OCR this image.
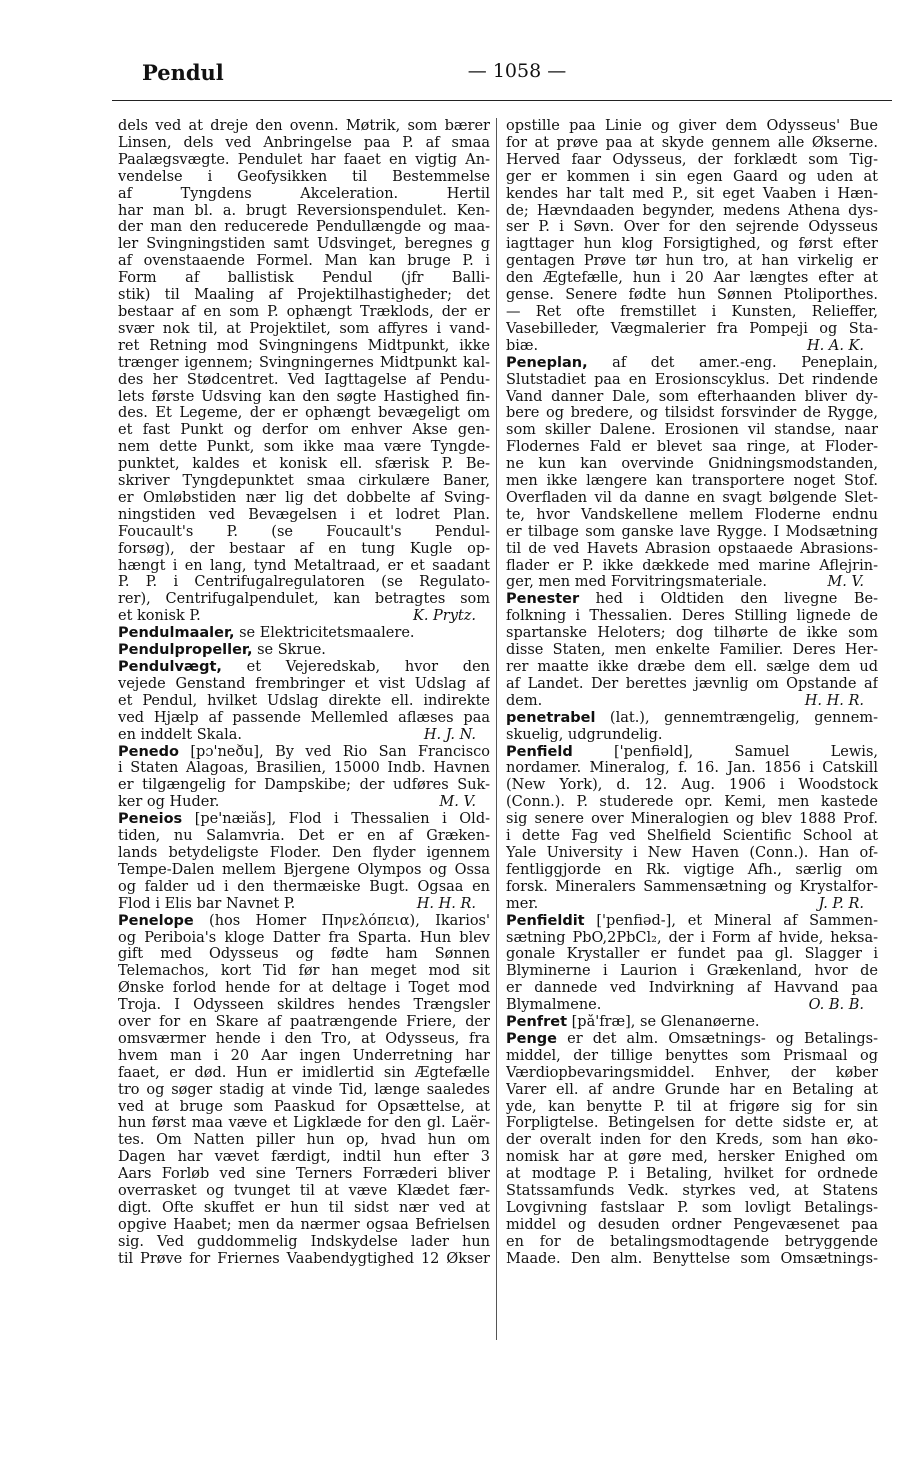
Pendul	— 1058 —
dels ved at dreje den ovenn. Møtrik, som bærer
Linsen, dels ved Anbringelse paa P. af smaa
Paalægsvægte. Pendulet har faaet en vigtig An-
vendelse i Geofysikken til Bestemmelse
af Tyngdens Akceleration. Hertil
har man bl. a. brugt Reversionspendulet. Ken-
der man den reducerede Pendullængde og maa-
ler Svingningstiden samt Udsvinget, beregnes g
af ovenstaaende Formel. Man kan bruge P. i
Form af ballistisk Pendul (jfr Balli-
stik) til Maaling af Projektilhastigheder; det
bestaar af en som P. ophængt Træklods, der er
svær nok til, at Projektilet, som affyres i vand-
ret Retning mod Svingningens Midtpunkt, ikke
trænger igennem; Svingningernes Midtpunkt kal-
des her Stødcentret. Ved Iagttagelse af Pendu-
lets første Udsving kan den søgte Hastighed fin-
des. Et Legeme, der er ophængt bevægeligt om
et fast Punkt og derfor om enhver Akse gen-
nem dette Punkt, som ikke maa være Tyngde-
punktet, kaldes et konisk ell. sfærisk P. Be-
skriver Tyngdepunktet smaa cirkulære Baner,
er Omløbstiden nær lig det dobbelte af Sving-
ningstiden ved Bevægelsen i et lodret Plan.
Foucault's P. (se Foucault's Pendul-
forsøg), der bestaar af en tung Kugle op-
hængt i en lang, tynd Metaltraad, er et saadant
P. P. i Centrifugalregulatoren (se Regulato-
rer), Centrifugalpendulet, kan betragtes som
et konisk P.	K. Prytz.
Pendulmaaler, se Elektricitetsmaalere.
Pendulpropeller, se Skrue.
Pendulvægt, et Vejeredskab, hvor den
vejede Genstand frembringer et vist Udslag af
et Pendul, hvilket Udslag direkte ell. indirekte
ved Hjælp af passende Mellemled aflæses paa
en inddelt Skala.	H. J. N.
Penedo [pɔ'neðu], By ved Rio San Francisco
i Staten Alagoas, Brasilien, 15000 Indb. Havnen
er tilgængelig for Dampskibe; der udføres Suk-
ker og Huder.	M. V.
Peneios [pe'næiås], Flod i Thessalien i Old-
tiden, nu Salamvria. Det er en af Græken-
lands betydeligste Floder. Den flyder igennem
Tempe-Dalen mellem Bjergene Olympos og Ossa
og falder ud i den thermæiske Bugt. Ogsaa en
Flod i Elis bar Navnet P.	H. H. R.
Penelope (hos Homer Πηνελόπεια), Ikarios'
og Periboia's kloge Datter fra Sparta. Hun blev
gift med Odysseus og fødte ham Sønnen
Telemachos, kort Tid før han meget mod sit
Ønske forlod hende for at deltage i Toget mod
Troja. I Odysseen skildres hendes Trængsler
over for en Skare af paatrængende Friere, der
omsværmer hende i den Tro, at Odysseus, fra
hvem man i 20 Aar ingen Underretning har
faaet, er død. Hun er imidlertid sin Ægtefælle
tro og søger stadig at vinde Tid, længe saaledes
ved at bruge som Paaskud for Opsættelse, at
hun først maa væve et Ligklæde for den gl. Laër-
tes. Om Natten piller hun op, hvad hun om
Dagen har vævet færdigt, indtil hun efter 3
Aars Forløb ved sine Terners Forræderi bliver
overrasket og tvunget til at væve Klædet fær-
digt. Ofte skuffet er hun til sidst nær ved at
opgive Haabet; men da nærmer ogsaa Befrielsen
sig. Ved guddommelig Indskydelse lader hun
til Prøve for Friernes Vaabendygtighed 12 Økser
opstille paa Linie og giver dem Odysseus' Bue
for at prøve paa at skyde gennem alle Økserne.
Herved faar Odysseus, der forklædt som Tig-
ger er kommen i sin egen Gaard og uden at
kendes har talt med P., sit eget Vaaben i Hæn-
de; Hævndaaden begynder, medens Athena dys-
ser P. i Søvn. Over for den sejrende Odysseus
iagttager hun klog Forsigtighed, og først efter
gentagen Prøve tør hun tro, at han virkelig er
den Ægtefælle, hun i 20 Aar længtes efter at
gense. Senere fødte hun Sønnen Ptoliporthes.
— Ret ofte fremstillet i Kunsten, Relieffer,
Vasebilleder, Vægmalerier fra Pompeji og Sta-
biæ.	H. A. K.
Peneplan, af det amer.-eng. Peneplain,
Slutstadiet paa en Erosionscyklus. Det rindende
Vand danner Dale, som efterhaanden bliver dy-
bere og bredere, og tilsidst forsvinder de Rygge,
som skiller Dalene. Erosionen vil standse, naar
Flodernes Fald er blevet saa ringe, at Floder-
ne kun kan overvinde Gnidningsmodstanden,
men ikke længere kan transportere noget Stof.
Overfladen vil da danne en svagt bølgende Slet-
te, hvor Vandskellene mellem Floderne endnu
er tilbage som ganske lave Rygge. I Modsætning
til de ved Havets Abrasion opstaaede Abrasions-
flader er P. ikke dækkede med marine Aflejrin-
ger, men med Forvitringsmateriale.	M. V.
Penester hed i Oldtiden den livegne Be-
folkning i Thessalien. Deres Stilling lignede de
spartanske Heloters; dog tilhørte de ikke som
disse Staten, men enkelte Familier. Deres Her-
rer maatte ikke dræbe dem ell. sælge dem ud
af Landet. Der berettes jævnlig om Opstande af
dem.	H. H. R.
penetrabel (lat.), gennemtrængelig, gennem-
skuelig, udgrundelig.
Penfield ['penfiəld], Samuel Lewis,
nordamer. Mineralog, f. 16. Jan. 1856 i Catskill
(New York), d. 12. Aug. 1906 i Woodstock
(Conn.). P. studerede opr. Kemi, men kastede
sig senere over Mineralogien og blev 1888 Prof.
i dette Fag ved Shelfield Scientific School at
Yale University i New Haven (Conn.). Han of-
fentliggjorde en Rk. vigtige Afh., særlig om
forsk. Mineralers Sammensætning og Krystalfor-
mer.	J. P. R.
Penfieldit ['penfiəd-], et Mineral af Sammen-
sætning PbO,2PbCl₂, der i Form af hvide, heksa-
gonale Krystaller er fundet paa gl. Slagger i
Blyminerne i Laurion i Grækenland, hvor de
er dannede ved Indvirkning af Havvand paa
Blymalmene.	O. B. B.
Penfret [på'fræ], se Glenanøerne.
Penge er det alm. Omsætnings- og Betalings-
middel, der tillige benyttes som Prismaal og
Værdiopbevaringsmiddel. Enhver, der køber
Varer ell. af andre Grunde har en Betaling at
yde, kan benytte P. til at frigøre sig for sin
Forpligtelse. Betingelsen for dette sidste er, at
der overalt inden for den Kreds, som han øko-
nomisk har at gøre med, hersker Enighed om
at modtage P. i Betaling, hvilket for ordnede
Statssamfunds Vedk. styrkes ved, at Statens
Lovgivning fastslaar P. som lovligt Betalings-
middel og desuden ordner Pengevæsenet paa
en for de betalingsmodtagende betryggende
Maade. Den alm. Benyttelse som Omsætnings-
